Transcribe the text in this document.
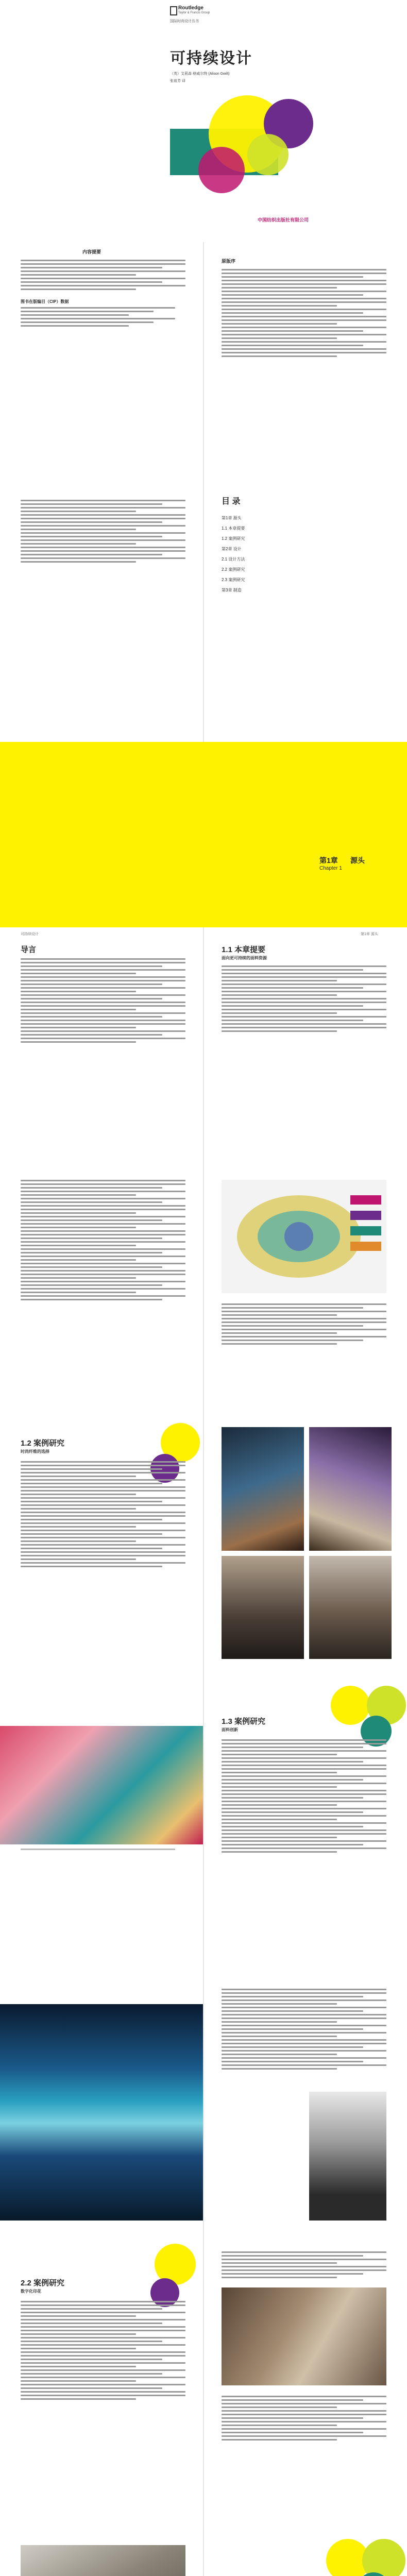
Routledge
Taylor & Francis Group
国际时尚设计丛书
可持续设计
（英）艾莉森·格威尔特 (Alison Gwilt)
张祖芳 译
中国纺织出版社有限公司
内容提要
图书在版编目（CIP）数据
原版序
目 录
第1章 源头
1.1 本章提要
1.2 案例研究
第2章 设计
2.1 设计方法
2.2 案例研究
2.3 案例研究
第3章 制造
第1章 源头
Chapter 1
可持续设计
导言
第1章 源头
1.1 本章提要
面向更可持续的面料资源
1.2 案例研究
时尚纤维的选择
1.3 案例研究
面料创新
2.2 案例研究
数字化印花
